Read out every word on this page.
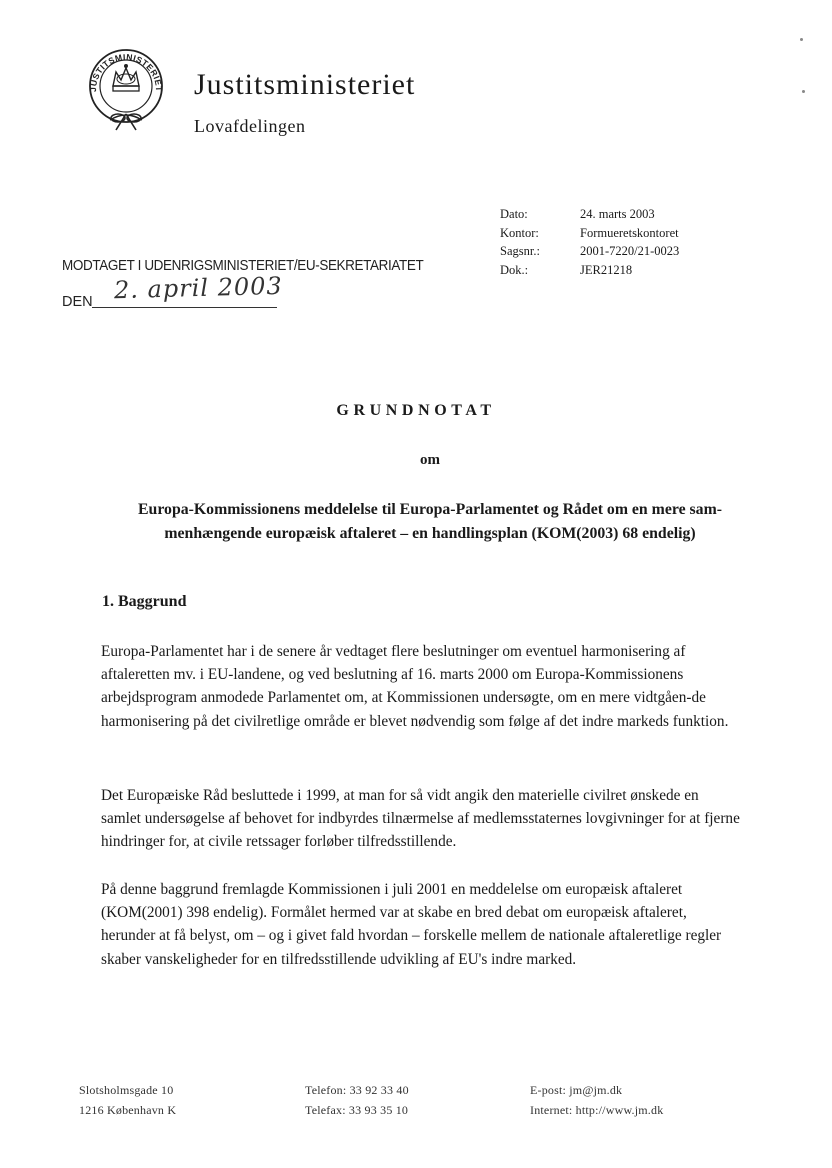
JUSTITSMINISTERIET Justitsministeriet
Lovafdelingen
Dato:	24. marts 2003
Kontor:	Formueretskontoret
Sagsnr.:	2001-7220/21-0023
Dok.:	JER21218
MODTAGET I UDENRIGSMINISTERIET/EU-SEKRETARIATET
DEN 2. april 2003
GRUNDNOTAT
om
Europa-Kommissionens meddelelse til Europa-Parlamentet og Rådet om en mere sam-
menhængende europæisk aftaleret – en handlingsplan (KOM(2003) 68 endelig)
1. Baggrund
Europa-Parlamentet har i de senere år vedtaget flere beslutninger om eventuel harmonisering af aftaleretten mv. i EU-landene, og ved beslutning af 16. marts 2000 om Europa-Kommissionens arbejdsprogram anmodede Parlamentet om, at Kommissionen undersøgte, om en mere vidtgåen-de harmonisering på det civilretlige område er blevet nødvendig som følge af det indre markeds funktion.
Det Europæiske Råd besluttede i 1999, at man for så vidt angik den materielle civilret ønskede en samlet undersøgelse af behovet for indbyrdes tilnærmelse af medlemsstaternes lovgivninger for at fjerne hindringer for, at civile retssager forløber tilfredsstillende.
På denne baggrund fremlagde Kommissionen i juli 2001 en meddelelse om europæisk aftaleret (KOM(2001) 398 endelig). Formålet hermed var at skabe en bred debat om europæisk aftaleret, herunder at få belyst, om – og i givet fald hvordan – forskelle mellem de nationale aftaleretlige regler skaber vanskeligheder for en tilfredsstillende udvikling af EU's indre marked.
Slotsholmsgade 10
1216 København K
Telefon: 33 92 33 40
Telefax: 33 93 35 10
E-post: jm@jm.dk
Internet: http://www.jm.dk
